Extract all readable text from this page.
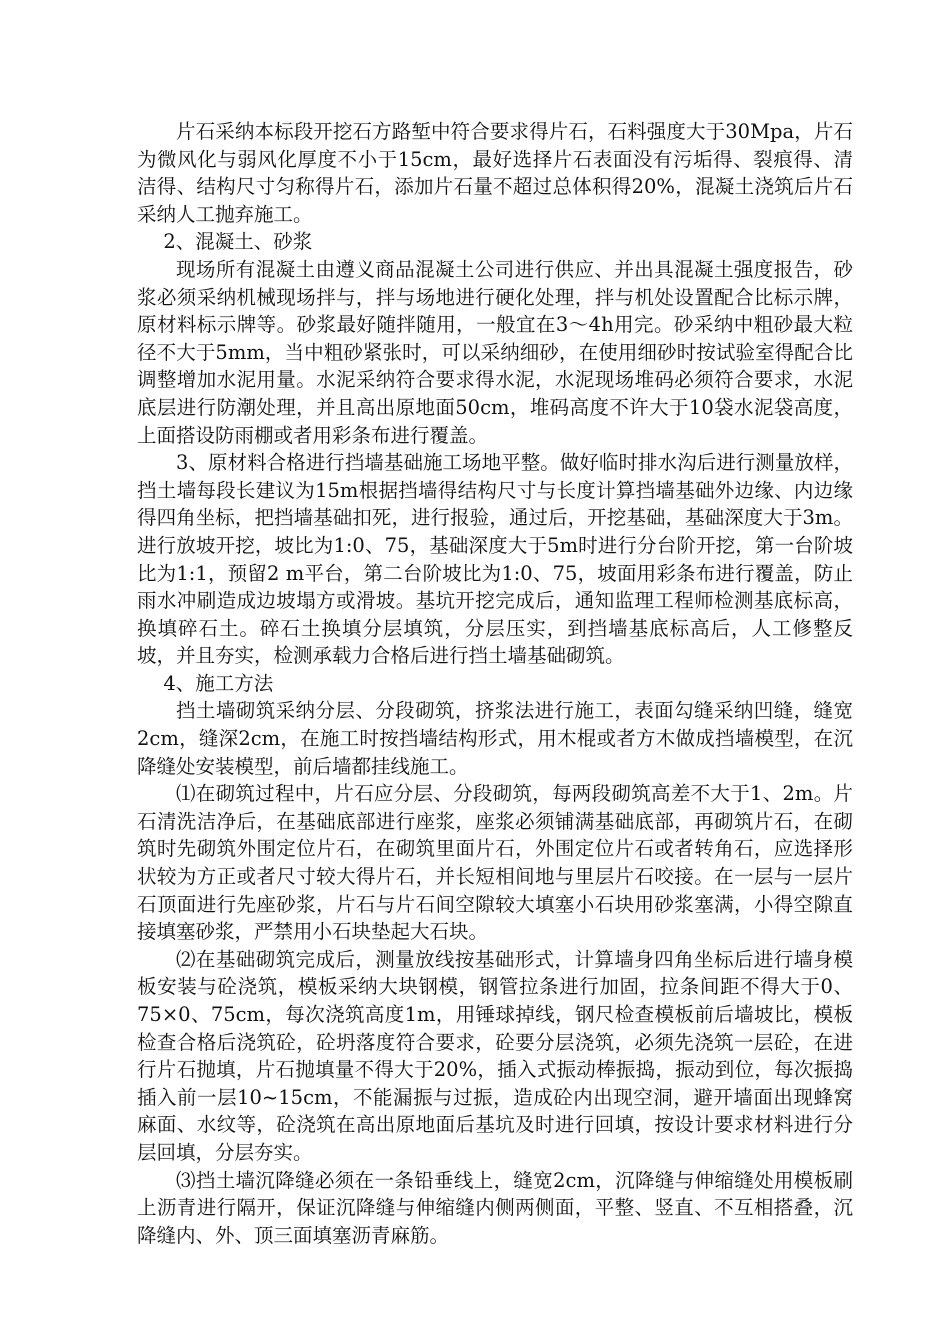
片石采纳本标段开挖石方路堑中符合要求得片石，石料强度大于30Mpa，片石为微风化与弱风化厚度不小于15cm，最好选择片石表面没有污垢得、裂痕得、清洁得、结构尺寸匀称得片石，添加片石量不超过总体积得20%，混凝土浇筑后片石采纳人工抛弃施工。

2、混凝土、砂浆

现场所有混凝土由遵义商品混凝土公司进行供应、并出具混凝土强度报告，砂浆必须采纳机械现场拌与，拌与场地进行硬化处理，拌与机处设置配合比标示牌，原材料标示牌等。砂浆最好随拌随用，一般宜在3～4h用完。砂采纳中粗砂最大粒径不大于5mm，当中粗砂紧张时，可以采纳细砂，在使用细砂时按试验室得配合比调整增加水泥用量。水泥采纳符合要求得水泥，水泥现场堆码必须符合要求，水泥底层进行防潮处理，并且高出原地面50cm，堆码高度不许大于10袋水泥袋高度，上面搭设防雨棚或者用彩条布进行覆盖。

3、原材料合格进行挡墙基础施工场地平整。做好临时排水沟后进行测量放样，挡土墙每段长建议为15m根据挡墙得结构尺寸与长度计算挡墙基础外边缘、内边缘得四角坐标，把挡墙基础扣死，进行报验，通过后，开挖基础，基础深度大于3m。进行放坡开挖，坡比为1:0、75，基础深度大于5m时进行分台阶开挖，第一台阶坡比为1:1，预留2 m平台，第二台阶坡比为1:0、75，坡面用彩条布进行覆盖，防止雨水冲刷造成边坡塌方或滑坡。基坑开挖完成后，通知监理工程师检测基底标高，换填碎石土。碎石土换填分层填筑，分层压实，到挡墙基底标高后，人工修整反坡，并且夯实，检测承载力合格后进行挡土墙基础砌筑。

4、施工方法

挡土墙砌筑采纳分层、分段砌筑，挤浆法进行施工，表面勾缝采纳凹缝，缝宽2cm，缝深2cm，在施工时按挡墙结构形式，用木棍或者方木做成挡墙模型，在沉降缝处安装模型，前后墙都挂线施工。

⑴在砌筑过程中，片石应分层、分段砌筑，每两段砌筑高差不大于1、2m。片石清洗洁净后，在基础底部进行座浆，座浆必须铺满基础底部，再砌筑片石，在砌筑时先砌筑外围定位片石，在砌筑里面片石，外围定位片石或者转角石，应选择形状较为方正或者尺寸较大得片石，并长短相间地与里层片石咬接。在一层与一层片石顶面进行先座砂浆，片石与片石间空隙较大填塞小石块用砂浆塞满，小得空隙直接填塞砂浆，严禁用小石块垫起大石块。

⑵在基础砌筑完成后，测量放线按基础形式，计算墙身四角坐标后进行墙身模板安装与砼浇筑，模板采纳大块钢模，钢管拉条进行加固，拉条间距不得大于0、75×0、75cm，每次浇筑高度1m，用锤球掉线，钢尺检查模板前后墙坡比，模板检查合格后浇筑砼，砼坍落度符合要求，砼要分层浇筑，必须先浇筑一层砼，在进行片石抛填，片石抛填量不得大于20%，插入式振动棒振捣，振动到位，每次振捣插入前一层10~15cm，不能漏振与过振，造成砼内出现空洞，避开墙面出现蜂窝麻面、水纹等，砼浇筑在高出原地面后基坑及时进行回填，按设计要求材料进行分层回填，分层夯实。

⑶挡土墙沉降缝必须在一条铅垂线上，缝宽2cm，沉降缝与伸缩缝处用模板刷上沥青进行隔开，保证沉降缝与伸缩缝内侧两侧面，平整、竖直、不互相搭叠，沉降缝内、外、顶三面填塞沥青麻筋。
